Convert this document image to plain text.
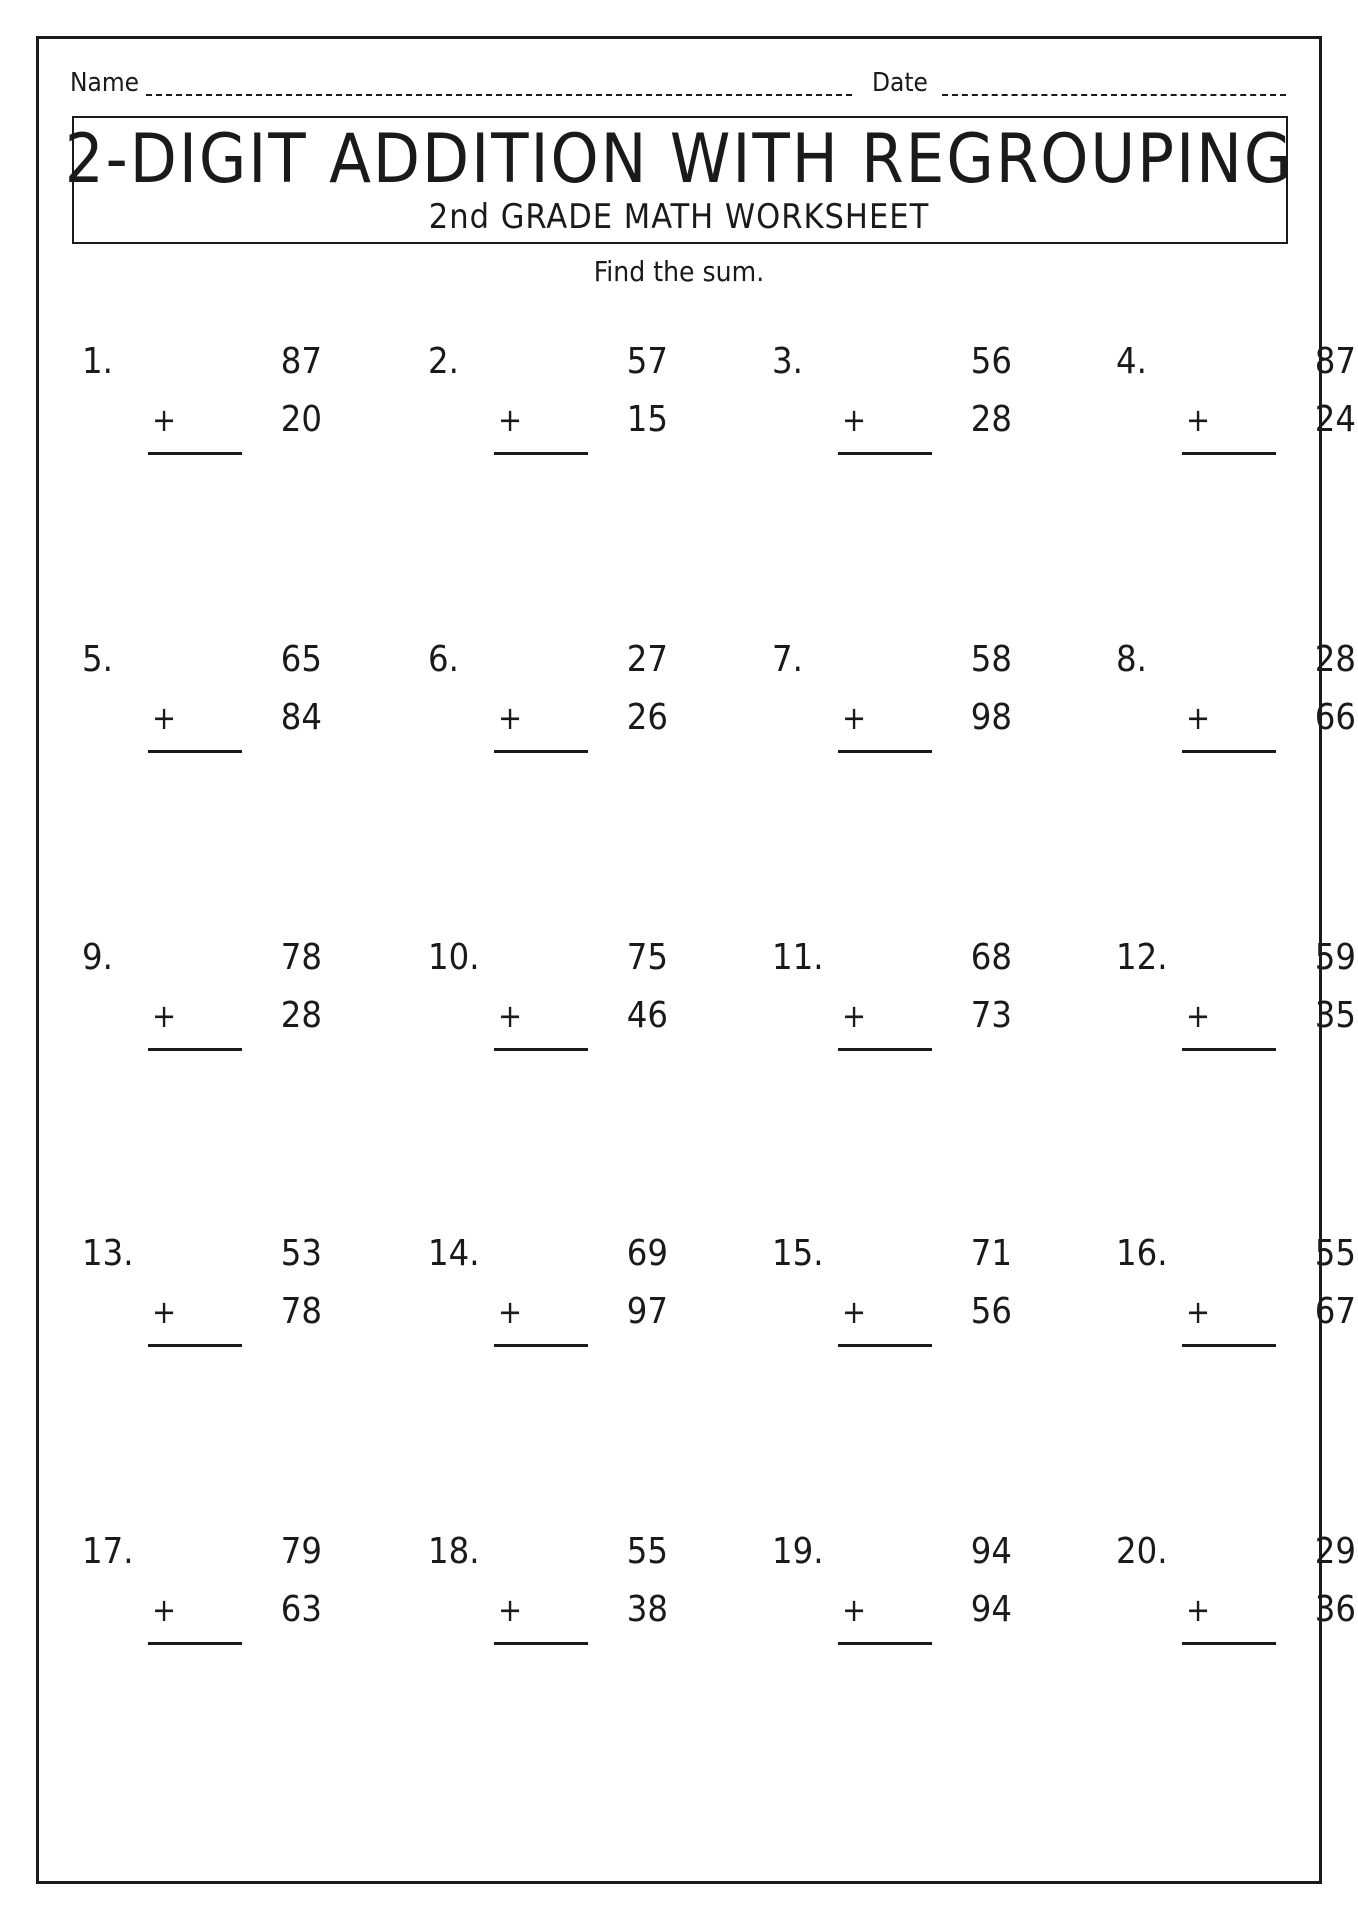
Name	Date
2-DIGIT ADDITION WITH REGROUPING
2nd GRADE MATH WORKSHEET
Find the sum.
1.	87
+	20
2.	57
+	15
3.	56
+	28
4.	87
+	24
5.	65
+	84
6.	27
+	26
7.	58
+	98
8.	28
+	66
9.	78
+	28
10.	75
+	46
11.	68
+	73
12.	59
+	35
13.	53
+	78
14.	69
+	97
15.	71
+	56
16.	55
+	67
17.	79
+	63
18.	55
+	38
19.	94
+	94
20.	29
+	36
